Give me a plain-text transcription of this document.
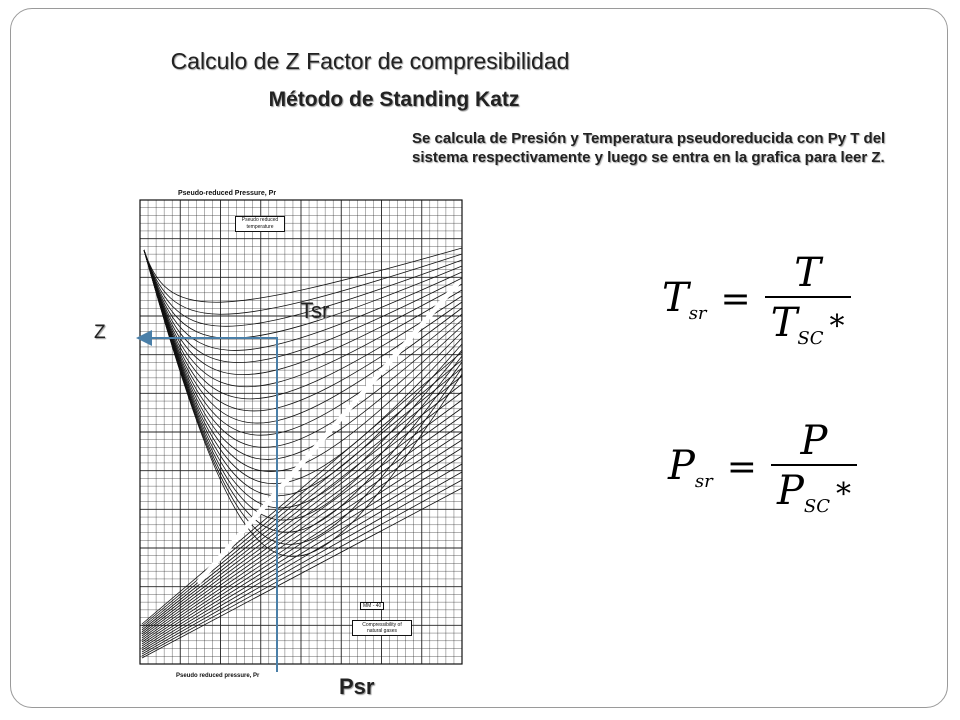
Calculo de Z Factor de compresibilidad
Método de Standing Katz
Se calcula de Presión y Temperatura pseudoreducida con Py T del sistema respectivamente y luego se entra en la grafica para leer Z.
Pseudo-reduced Pressure, Pr
Pseudo reduced pressure, Pr
Pseudo reduced temperature
MM - 40
Compressibility of natural gases
Z
Tsr
Psr
$T_{sr} = \frac{T}{T_{SC} *}$
$P_{sr} = \frac{P}{P_{SC} *}$
